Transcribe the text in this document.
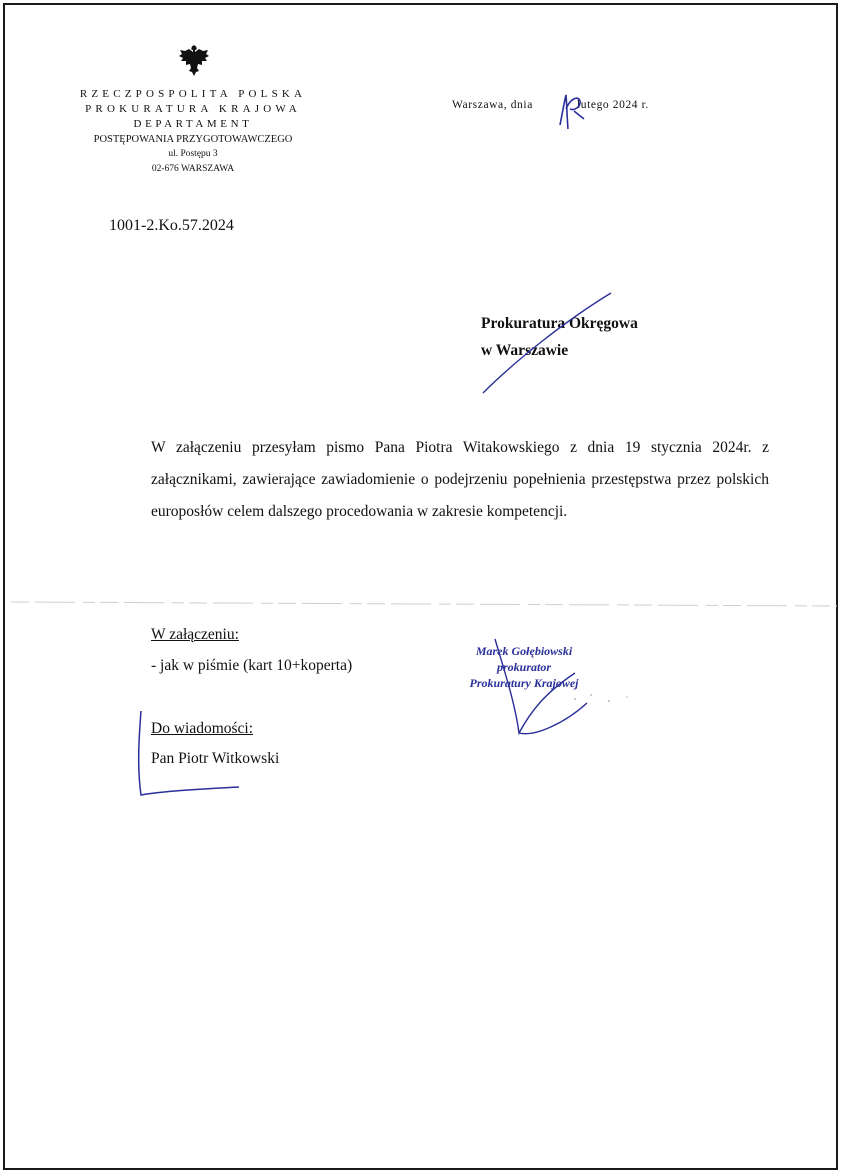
RZECZPOSPOLITA POLSKA
PROKURATURA KRAJOWA
DEPARTAMENT
POSTĘPOWANIA PRZYGOTOWAWCZEGO
ul. Postępu 3
02-676 WARSZAWA
1001-2.Ko.57.2024
Warszawa, dnia	lutego 2024 r.
Prokuratura Okręgowa
w Warszawie

W załączeniu przesyłam pismo Pana Piotra Witakowskiego z dnia 19 stycznia 2024r. z załącznikami, zawierające zawiadomienie o podejrzeniu popełnienia przestępstwa przez polskich europosłów celem dalszego procedowania w zakresie kompetencji.

W załączeniu:
- jak w piśmie (kart 10+koperta)
Do wiadomości:
Pan Piotr Witkowski
Marek Gołębiowski
prokurator
Prokuratury Krajowej
